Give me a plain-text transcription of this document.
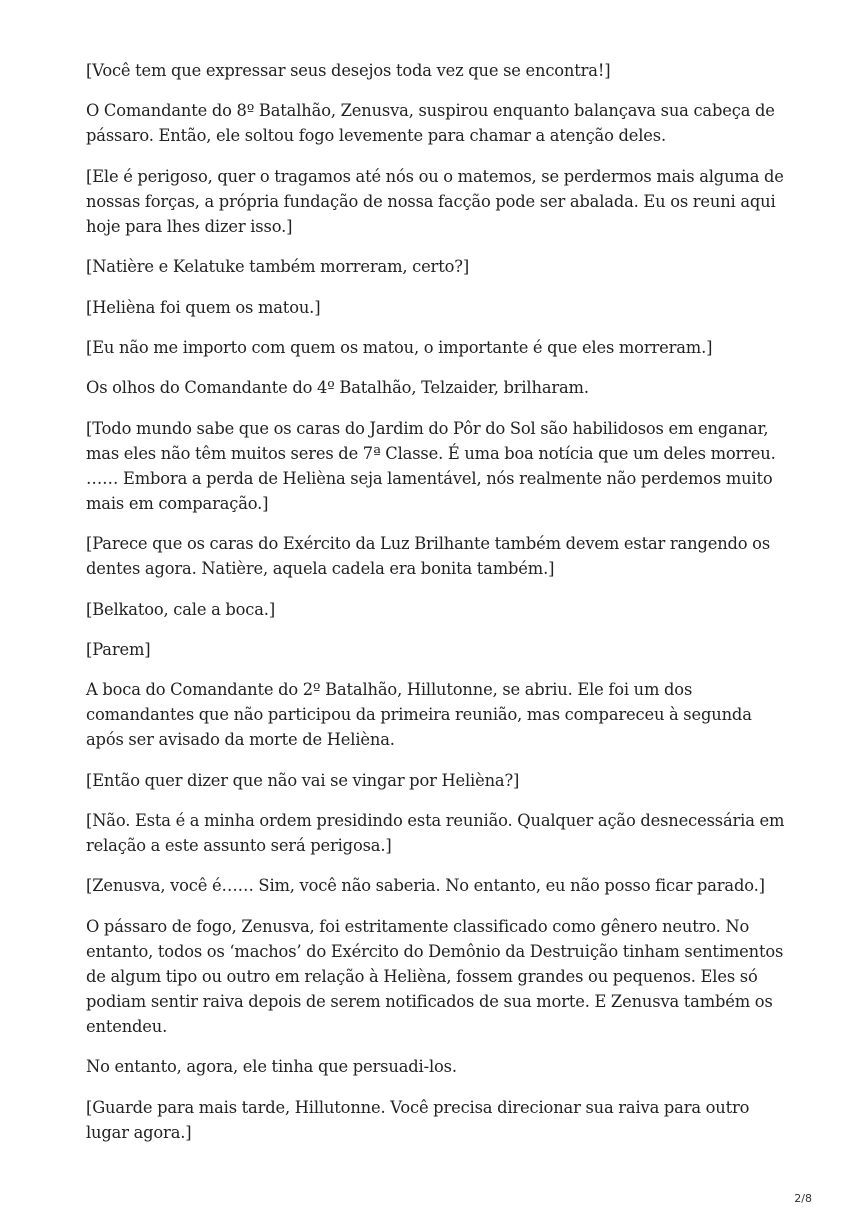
[Você tem que expressar seus desejos toda vez que se encontra!]

O Comandante do 8º Batalhão, Zenusva, suspirou enquanto balançava sua cabeça de pássaro. Então, ele soltou fogo levemente para chamar a atenção deles.

[Ele é perigoso, quer o tragamos até nós ou o matemos, se perdermos mais alguma de nossas forças, a própria fundação de nossa facção pode ser abalada. Eu os reuni aqui hoje para lhes dizer isso.]

[Natière e Kelatuke também morreram, certo?]

[Helièna foi quem os matou.]

[Eu não me importo com quem os matou, o importante é que eles morreram.]

Os olhos do Comandante do 4º Batalhão, Telzaider, brilharam.

[Todo mundo sabe que os caras do Jardim do Pôr do Sol são habilidosos em enganar, mas eles não têm muitos seres de 7ª Classe. É uma boa notícia que um deles morreu. …… Embora a perda de Helièna seja lamentável, nós realmente não perdemos muito mais em comparação.]

[Parece que os caras do Exército da Luz Brilhante também devem estar rangendo os dentes agora. Natière, aquela cadela era bonita também.]

[Belkatoo, cale a boca.]

[Parem]

A boca do Comandante do 2º Batalhão, Hillutonne, se abriu. Ele foi um dos comandantes que não participou da primeira reunião, mas compareceu à segunda após ser avisado da morte de Helièna.

[Então quer dizer que não vai se vingar por Helièna?]

[Não. Esta é a minha ordem presidindo esta reunião. Qualquer ação desnecessária em relação a este assunto será perigosa.]

[Zenusva, você é…… Sim, você não saberia. No entanto, eu não posso ficar parado.]

O pássaro de fogo, Zenusva, foi estritamente classificado como gênero neutro. No entanto, todos os ‘machos’ do Exército do Demônio da Destruição tinham sentimentos de algum tipo ou outro em relação à Helièna, fossem grandes ou pequenos. Eles só podiam sentir raiva depois de serem notificados de sua morte. E Zenusva também os entendeu.

No entanto, agora, ele tinha que persuadi-los.

[Guarde para mais tarde, Hillutonne. Você precisa direcionar sua raiva para outro lugar agora.]

2/8
